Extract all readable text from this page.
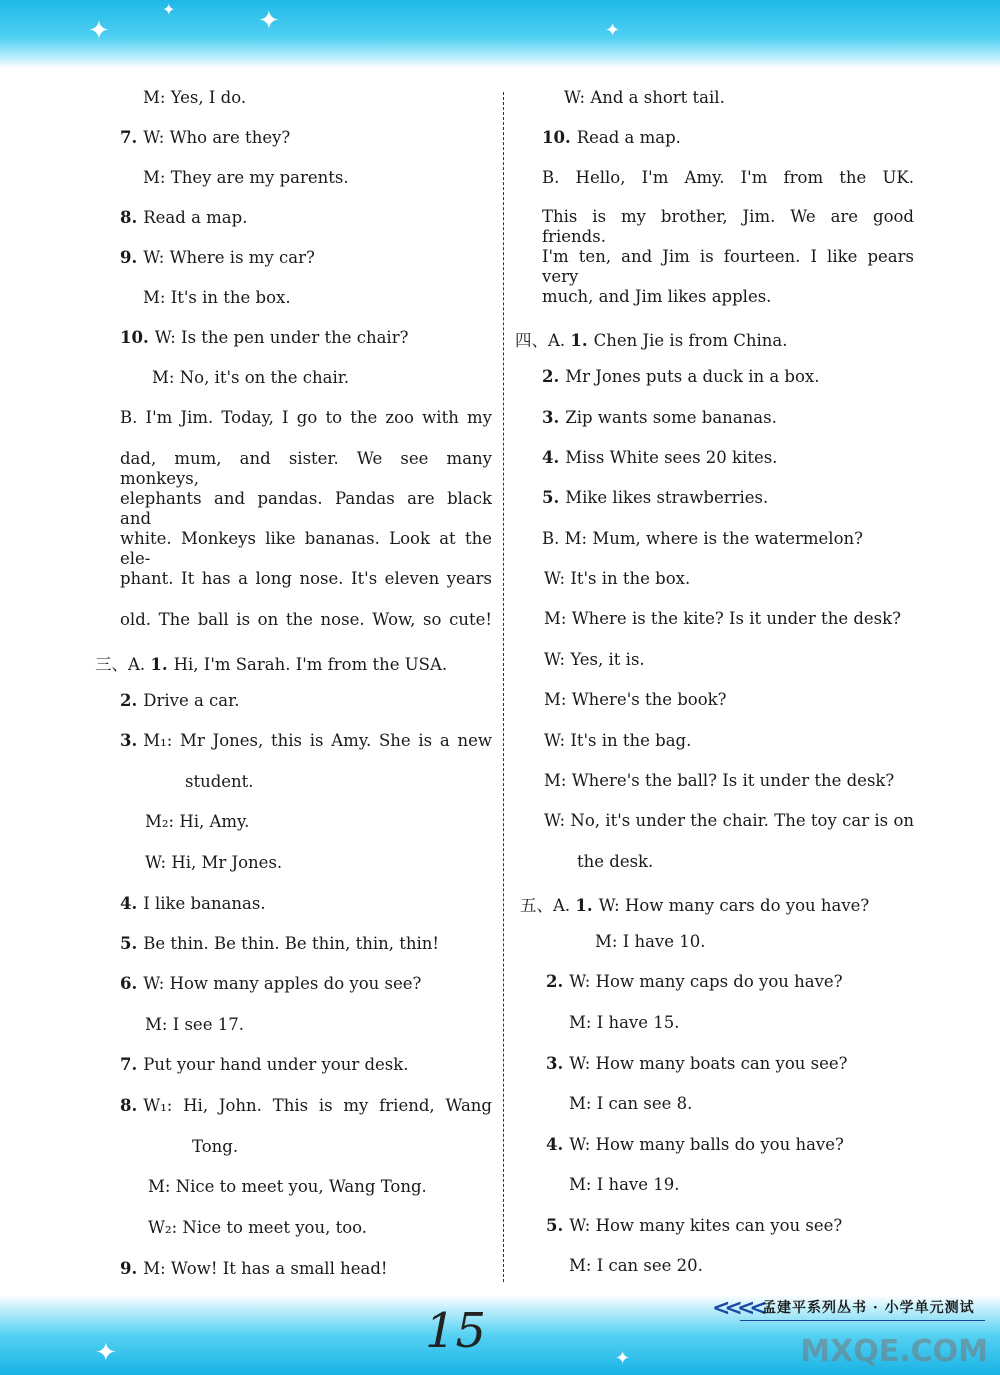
✦	✦	✦
✦
M: Yes, I do.
7. W: Who are they?
M: They are my parents.
8. Read a map.
9. W: Where is my car?
M: It's in the box.
10. W: Is the pen under the chair?
M: No, it's on the chair.
B. I'm Jim. Today, I go to the zoo with my
dad, mum, and sister. We see many monkeys,
elephants and pandas. Pandas are black and
white. Monkeys like bananas. Look at the ele-
phant. It has a long nose. It's eleven years
old. The ball is on the nose. Wow, so cute!
2. Drive a car.
3. M₁: Mr Jones, this is Amy. She is a new
student.
M₂: Hi, Amy.
W: Hi, Mr Jones.
4. I like bananas.
5. Be thin. Be thin. Be thin, thin, thin!
6. W: How many apples do you see?
M: I see 17.
7. Put your hand under your desk.
8. W₁: Hi, John. This is my friend, Wang
Tong.
M: Nice to meet you, Wang Tong.
W₂: Nice to meet you, too.
9. M: Wow! It has a small head!
三、A. 1. Hi, I'm Sarah. I'm from the USA.
W: And a short tail.
10. Read a map.
B. Hello, I'm Amy. I'm from the UK.
This is my brother, Jim. We are good friends.
I'm ten, and Jim is fourteen. I like pears very
much, and Jim likes apples.
2. Mr Jones puts a duck in a box.
3. Zip wants some bananas.
4. Miss White sees 20 kites.
5. Mike likes strawberries.
B. M: Mum, where is the watermelon?
W: It's in the box.
M: Where is the kite? Is it under the desk?
W: Yes, it is.
M: Where's the book?
W: It's in the bag.
M: Where's the ball? Is it under the desk?
W: No, it's under the chair. The toy car is on
the desk.
M: I have 10.
2. W: How many caps do you have?
M: I have 15.
3. W: How many boats can you see?
M: I can see 8.
4. W: How many balls do you have?
M: I have 19.
5. W: How many kites can you see?
M: I can see 20.
四、A. 1. Chen Jie is from China.
五、A. 1. W: How many cars do you have?
✦	✦
15	<<<< 孟建平系列丛书 · 小学单元测试
MXQE.COM
